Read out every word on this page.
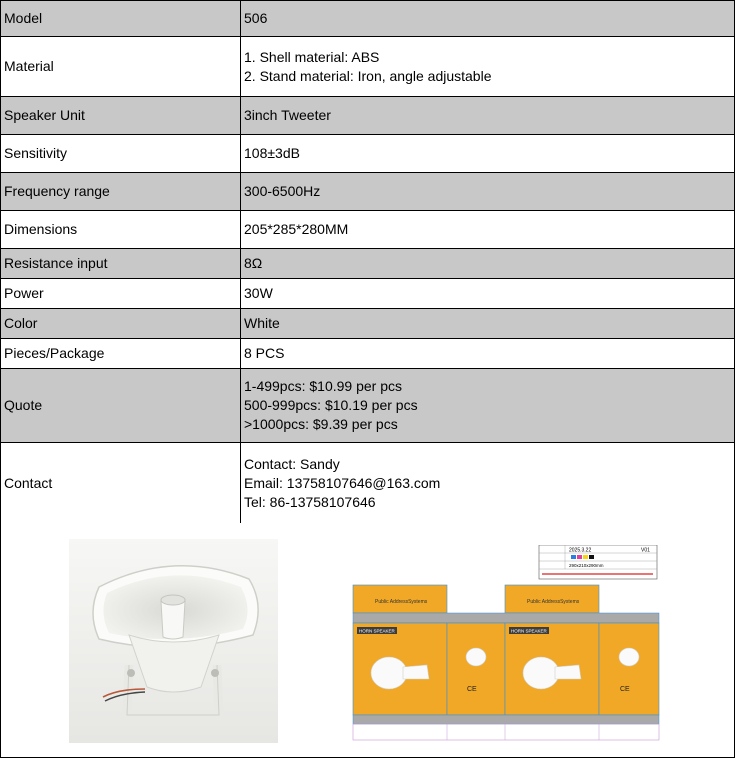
Model	506

Material	1. Shell material: ABS
2. Stand material: Iron, angle adjustable

Speaker Unit	3inch Tweeter

Sensitivity	108±3dB

Frequency range	300-6500Hz

Dimensions	205*285*280MM

Resistance input	8Ω

Power	30W

Color	White

Pieces/Package	8 PCS

Quote	1-499pcs: $10.99 per pcs
500-999pcs: $10.19 per pcs
>1000pcs: $9.39 per pcs

Contact	Contact: Sandy
Email: 13758107646@163.com
Tel: 86-13758107646
2025.3.22	V01
290x210x290mm
Public AddressSystems	Public AddressSystems
HORN SPEAKER	HORN SPEAKER
CE	CE
